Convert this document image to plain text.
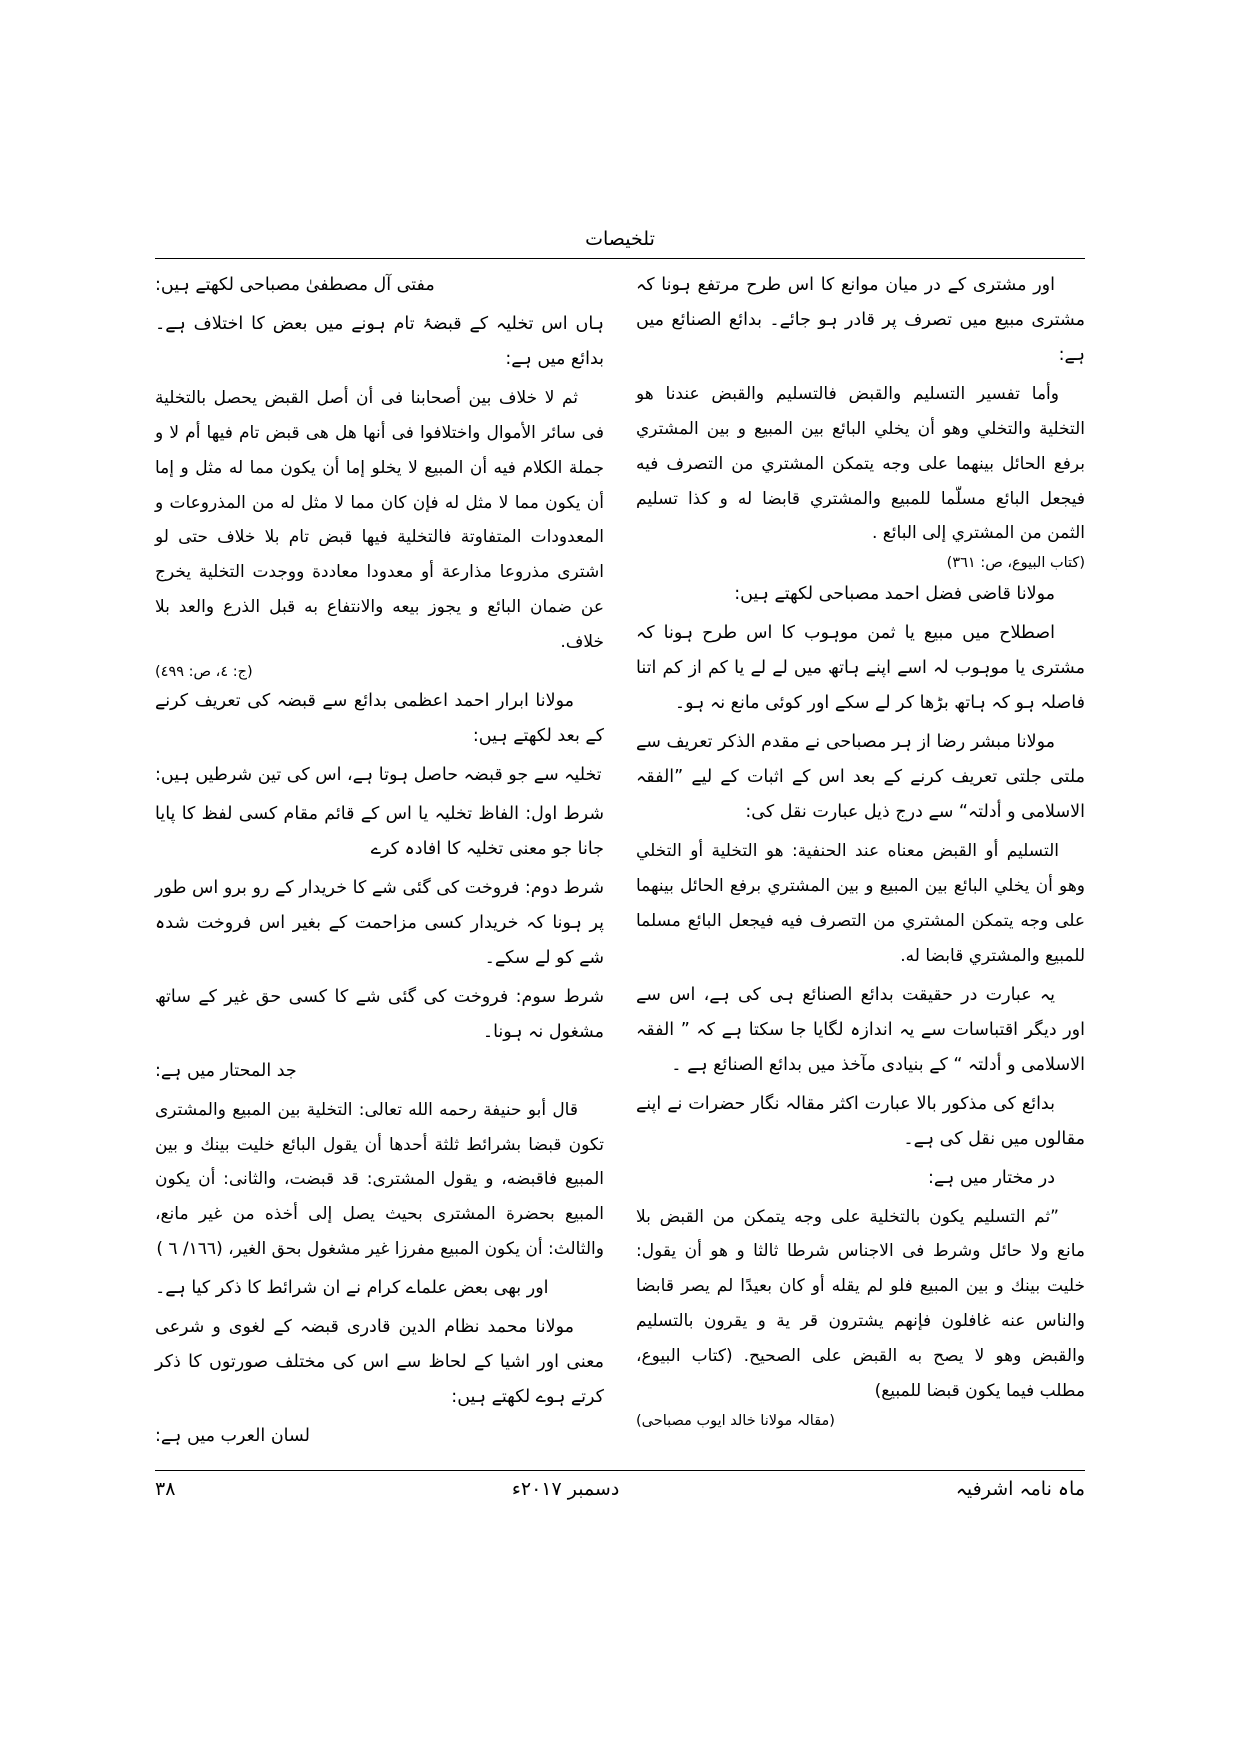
تلخيصات

اور مشتری کے در میان موانع کا اس طرح مرتفع ہونا کہ مشتری مبیع میں تصرف پر قادر ہو جائے۔ بدائع الصنائع میں ہے:

وأما تفسير التسليم والقبض فالتسليم والقبض عندنا هو التخلية والتخلي وهو أن يخلي البائع بين المبيع و بين المشتري برفع الحائل بينهما على وجه يتمكن المشتري من التصرف فيه فيجعل البائع مسلّما للمبيع والمشتري قابضا له و كذا تسليم الثمن من المشتري إلى البائع .

(كتاب البيوع، ص: ٣٦١)

مولانا قاضی فضل احمد مصباحی لکھتے ہیں:

اصطلاح میں مبیع یا ثمن موہوب کا اس طرح ہونا کہ مشتری یا موہوب لہ اسے اپنے ہاتھ میں لے لے یا کم از کم اتنا فاصلہ ہو کہ ہاتھ بڑھا کر لے سکے اور کوئی مانع نہ ہو۔

مولانا مبشر رضا از ہر مصباحی نے مقدم الذکر تعریف سے ملتی جلتی تعریف کرنے کے بعد اس کے اثبات کے لیے ”الفقہ الاسلامی و أدلتہ“ سے درج ذیل عبارت نقل کی:

التسليم أو القبض معناه عند الحنفية: هو التخلية أو التخلي وهو أن يخلي البائع بين المبيع و بين المشتري برفع الحائل بينهما على وجه يتمكن المشتري من التصرف فيه فيجعل البائع مسلما للمبيع والمشتري قابضا له.

یہ عبارت در حقیقت بدائع الصنائع ہی کی ہے، اس سے اور دیگر اقتباسات سے یہ اندازہ لگایا جا سکتا ہے کہ ” الفقہ الاسلامی و أدلتہ “ کے بنیادی مآخذ میں بدائع الصنائع ہے ۔

بدائع کی مذکور بالا عبارت اکثر مقالہ نگار حضرات نے اپنے مقالوں میں نقل کی ہے۔

در مختار میں ہے:

”ثم التسليم يكون بالتخلية على وجه يتمكن من القبض بلا مانع ولا حائل وشرط فى الاجناس شرطا ثالثا و هو أن يقول: خليت بينك و بين المبيع فلو لم يقله أو كان بعيدًا لم يصر قابضا والناس عنه غافلون فإنهم يشترون قر ية و يقرون بالتسليم والقبض وهو لا يصح به القبض على الصحيح. (كتاب البيوع، مطلب فيما يكون قبضا للمبيع)

(مقالہ مولانا خالد ایوب مصباحی)

مفتی آل مصطفیٰ مصباحی لکھتے ہیں:

ہاں اس تخلیہ کے قبضۂ تام ہونے میں بعض کا اختلاف ہے۔ بدائع میں ہے:

ثم لا خلاف بين أصحابنا فى أن أصل القبض يحصل بالتخلية فى سائر الأموال واختلافوا فى أنها هل هى قبض تام فيها أم لا و جملة الكلام فيه أن المبيع لا يخلو إما أن يكون مما له مثل و إما أن يكون مما لا مثل له فإن كان مما لا مثل له من المذروعات و المعدودات المتفاوتة فالتخلية فيها قبض تام بلا خلاف حتى لو اشترى مذروعا مذارعة أو معدودا معاددة ووجدت التخلية يخرج عن ضمان البائع و يجوز بيعه والانتفاع به قبل الذرع والعد بلا خلاف.

(ج: ٤، ص: ٤٩٩)

مولانا ابرار احمد اعظمی بدائع سے قبضہ کی تعریف کرنے کے بعد لکھتے ہیں:

تخلیہ سے جو قبضہ حاصل ہوتا ہے، اس کی تین شرطیں ہیں:

شرط اول: الفاظ تخلیہ یا اس کے قائم مقام کسی لفظ کا پایا جانا جو معنی تخلیہ کا افادہ کرے

شرط دوم: فروخت کی گئی شے کا خریدار کے رو برو اس طور پر ہونا کہ خریدار کسی مزاحمت کے بغیر اس فروخت شدہ شے کو لے سکے۔

شرط سوم: فروخت کی گئی شے کا کسی حق غیر کے ساتھ مشغول نہ ہونا۔

جد المحتار میں ہے:

قال أبو حنيفة رحمه الله تعالى: التخلية بين المبيع والمشترى تكون قبضا بشرائط ثلثة أحدها أن يقول البائع خليت بينك و بين المبيع فاقبضه، و يقول المشترى: قد قبضت، والثانى: أن يكون المبيع بحضرة المشترى بحيث يصل إلى أخذه من غير مانع، والثالث: أن يكون المبيع مفرزا غير مشغول بحق الغير، (١٦٦/ ٦ )

اور بھی بعض علماے کرام نے ان شرائط کا ذکر کیا ہے۔

مولانا محمد نظام الدین قادری قبضہ کے لغوی و شرعی معنی اور اشیا کے لحاظ سے اس کی مختلف صورتوں کا ذکر کرتے ہوے لکھتے ہیں:

لسان العرب میں ہے:

ماہ نامہ اشرفیہ
دسمبر ٢٠١٧ء
٣٨
